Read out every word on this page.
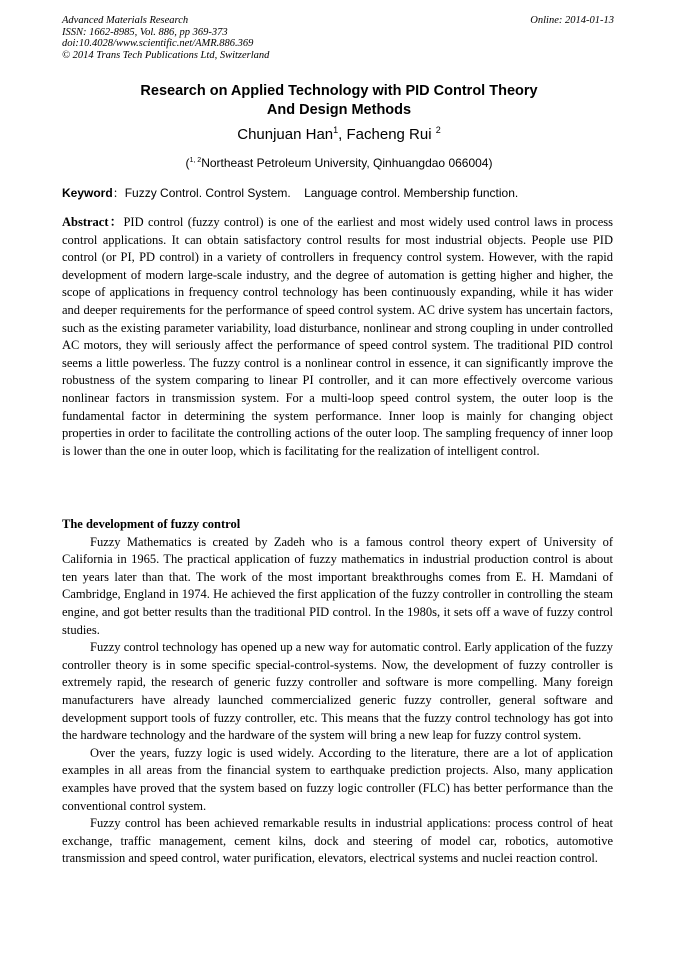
Advanced Materials Research
ISSN: 1662-8985, Vol. 886, pp 369-373
doi:10.4028/www.scientific.net/AMR.886.369
© 2014 Trans Tech Publications Ltd, Switzerland
Online: 2014-01-13
Research on Applied Technology with PID Control Theory
And Design Methods
Chunjuan Han$^1$, Facheng Rui $^2$
($^{1, 2}$Northeast Petroleum University, Qinhuangdao 066004)
Keyword：Fuzzy Control. Control System.    Language control. Membership function.
Abstract：PID control (fuzzy control) is one of the earliest and most widely used control laws in process control applications. It can obtain satisfactory control results for most industrial objects. People use PID control (or PI, PD control) in a variety of controllers in frequency control system. However, with the rapid development of modern large-scale industry, and the degree of automation is getting higher and higher, the scope of applications in frequency control technology has been continuously expanding, while it has wider and deeper requirements for the performance of speed control system. AC drive system has uncertain factors, such as the existing parameter variability, load disturbance, nonlinear and strong coupling in under controlled AC motors, they will seriously affect the performance of speed control system. The traditional PID control seems a little powerless. The fuzzy control is a nonlinear control in essence, it can significantly improve the robustness of the system comparing to linear PI controller, and it can more effectively overcome various nonlinear factors in transmission system. For a multi-loop speed control system, the outer loop is the fundamental factor in determining the system performance. Inner loop is mainly for changing object properties in order to facilitate the controlling actions of the outer loop. The sampling frequency of inner loop is lower than the one in outer loop, which is facilitating for the realization of intelligent control.
The development of fuzzy control

Fuzzy Mathematics is created by Zadeh who is a famous control theory expert of University of California in 1965. The practical application of fuzzy mathematics in industrial production control is about ten years later than that. The work of the most important breakthroughs comes from E. H. Mamdani of Cambridge, England in 1974. He achieved the first application of the fuzzy controller in controlling the steam engine, and got better results than the traditional PID control. In the 1980s, it sets off a wave of fuzzy control studies.

Fuzzy control technology has opened up a new way for automatic control. Early application of the fuzzy controller theory is in some specific special-control-systems. Now, the development of fuzzy controller is extremely rapid, the research of generic fuzzy controller and software is more compelling. Many foreign manufacturers have already launched commercialized generic fuzzy controller, general software and development support tools of fuzzy controller, etc. This means that the fuzzy control technology has got into the hardware technology and the hardware of the system will bring a new leap for fuzzy control system.

Over the years, fuzzy logic is used widely. According to the literature, there are a lot of application examples in all areas from the financial system to earthquake prediction projects. Also, many application examples have proved that the system based on fuzzy logic controller (FLC) has better performance than the conventional control system.

Fuzzy control has been achieved remarkable results in industrial applications: process control of heat exchange, traffic management, cement kilns, dock and steering of model car, robotics, automotive transmission and speed control, water purification, elevators, electrical systems and nuclei reaction control.
